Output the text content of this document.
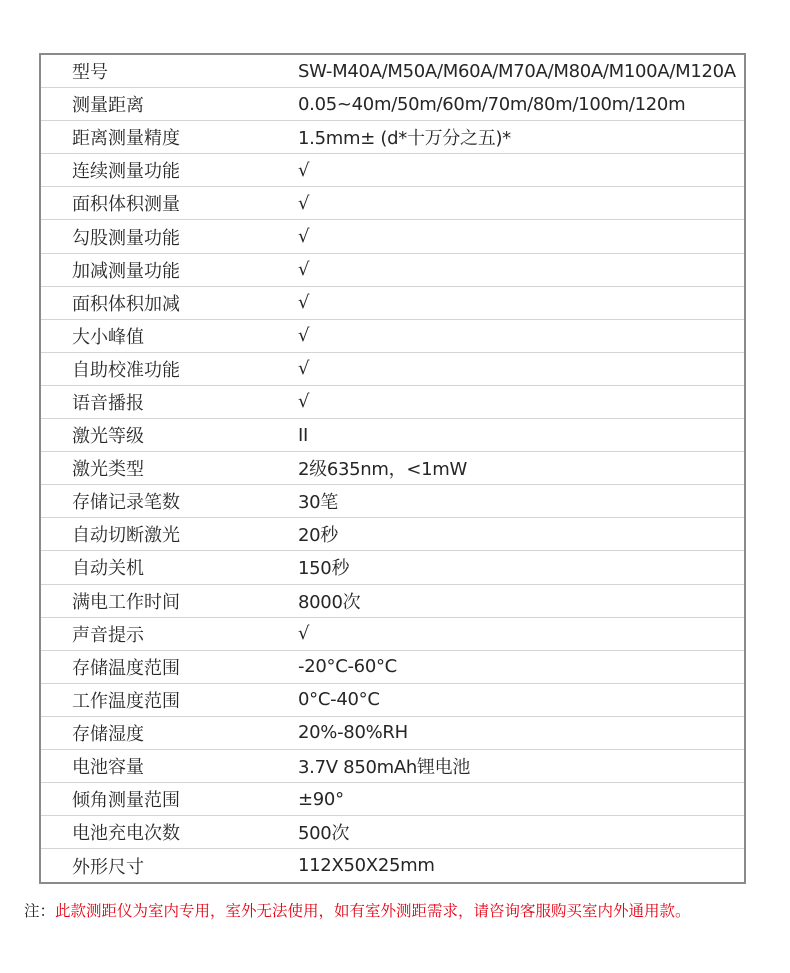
型号	SW-M40A/M50A/M60A/M70A/M80A/M100A/M120A
测量距离	0.05~40m/50m/60m/70m/80m/100m/120m
距离测量精度	1.5mm± (d*十万分之五)*
连续测量功能	√
面积体积测量	√
勾股测量功能	√
加减测量功能	√
面积体积加减	√
大小峰值	√
自助校准功能	√
语音播报	√
激光等级	II
激光类型	2级635nm，<1mW
存储记录笔数	30笔
自动切断激光	20秒
自动关机	150秒
满电工作时间	8000次
声音提示	√
存储温度范围	-20°C-60°C
工作温度范围	0°C-40°C
存储湿度	20%-80%RH
电池容量	3.7V 850mAh锂电池
倾角测量范围	±90°
电池充电次数	500次
外形尺寸	112X50X25mm
注：此款测距仪为室内专用，室外无法使用，如有室外测距需求，请咨询客服购买室内外通用款。
